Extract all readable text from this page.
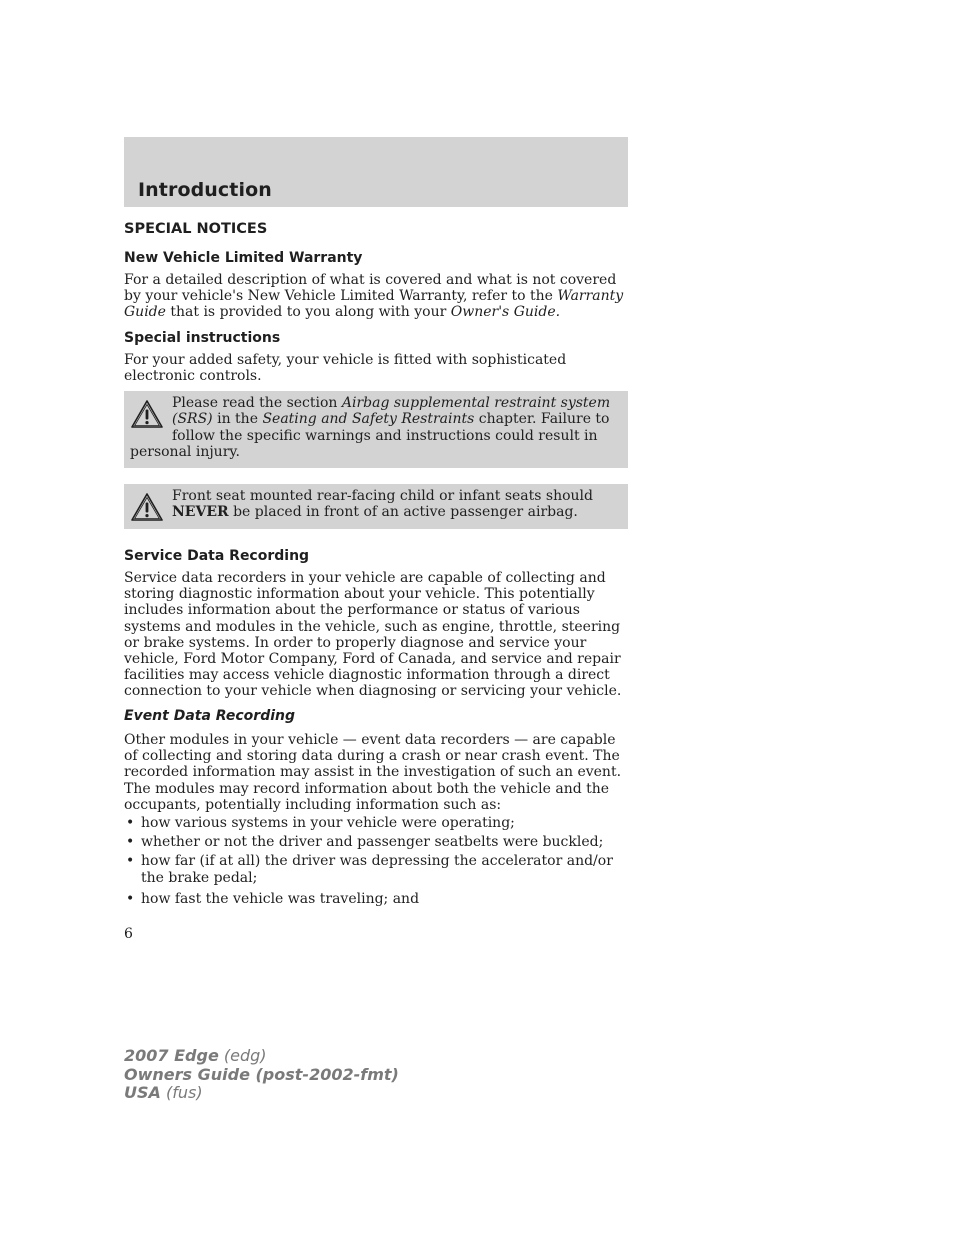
Introduction

SPECIAL NOTICES

New Vehicle Limited Warranty

For a detailed description of what is covered and what is not covered by your vehicle's New Vehicle Limited Warranty, refer to the Warranty Guide that is provided to you along with your Owner's Guide.

Special instructions

For your added safety, your vehicle is fitted with sophisticated electronic controls.

Please read the section Airbag supplemental restraint system (SRS) in the Seating and Safety Restraints chapter. Failure to follow the specific warnings and instructions could result in personal injury.

Front seat mounted rear-facing child or infant seats should NEVER be placed in front of an active passenger airbag.

Service Data Recording

Service data recorders in your vehicle are capable of collecting and storing diagnostic information about your vehicle. This potentially includes information about the performance or status of various systems and modules in the vehicle, such as engine, throttle, steering or brake systems. In order to properly diagnose and service your vehicle, Ford Motor Company, Ford of Canada, and service and repair facilities may access vehicle diagnostic information through a direct connection to your vehicle when diagnosing or servicing your vehicle.

Event Data Recording

Other modules in your vehicle — event data recorders — are capable of collecting and storing data during a crash or near crash event. The recorded information may assist in the investigation of such an event. The modules may record information about both the vehicle and the occupants, potentially including information such as:

• how various systems in your vehicle were operating;
• whether or not the driver and passenger seatbelts were buckled;
• how far (if at all) the driver was depressing the accelerator and/or the brake pedal;
• how fast the vehicle was traveling; and
6
2007 Edge (edg)
Owners Guide (post-2002-fmt)
USA (fus)
